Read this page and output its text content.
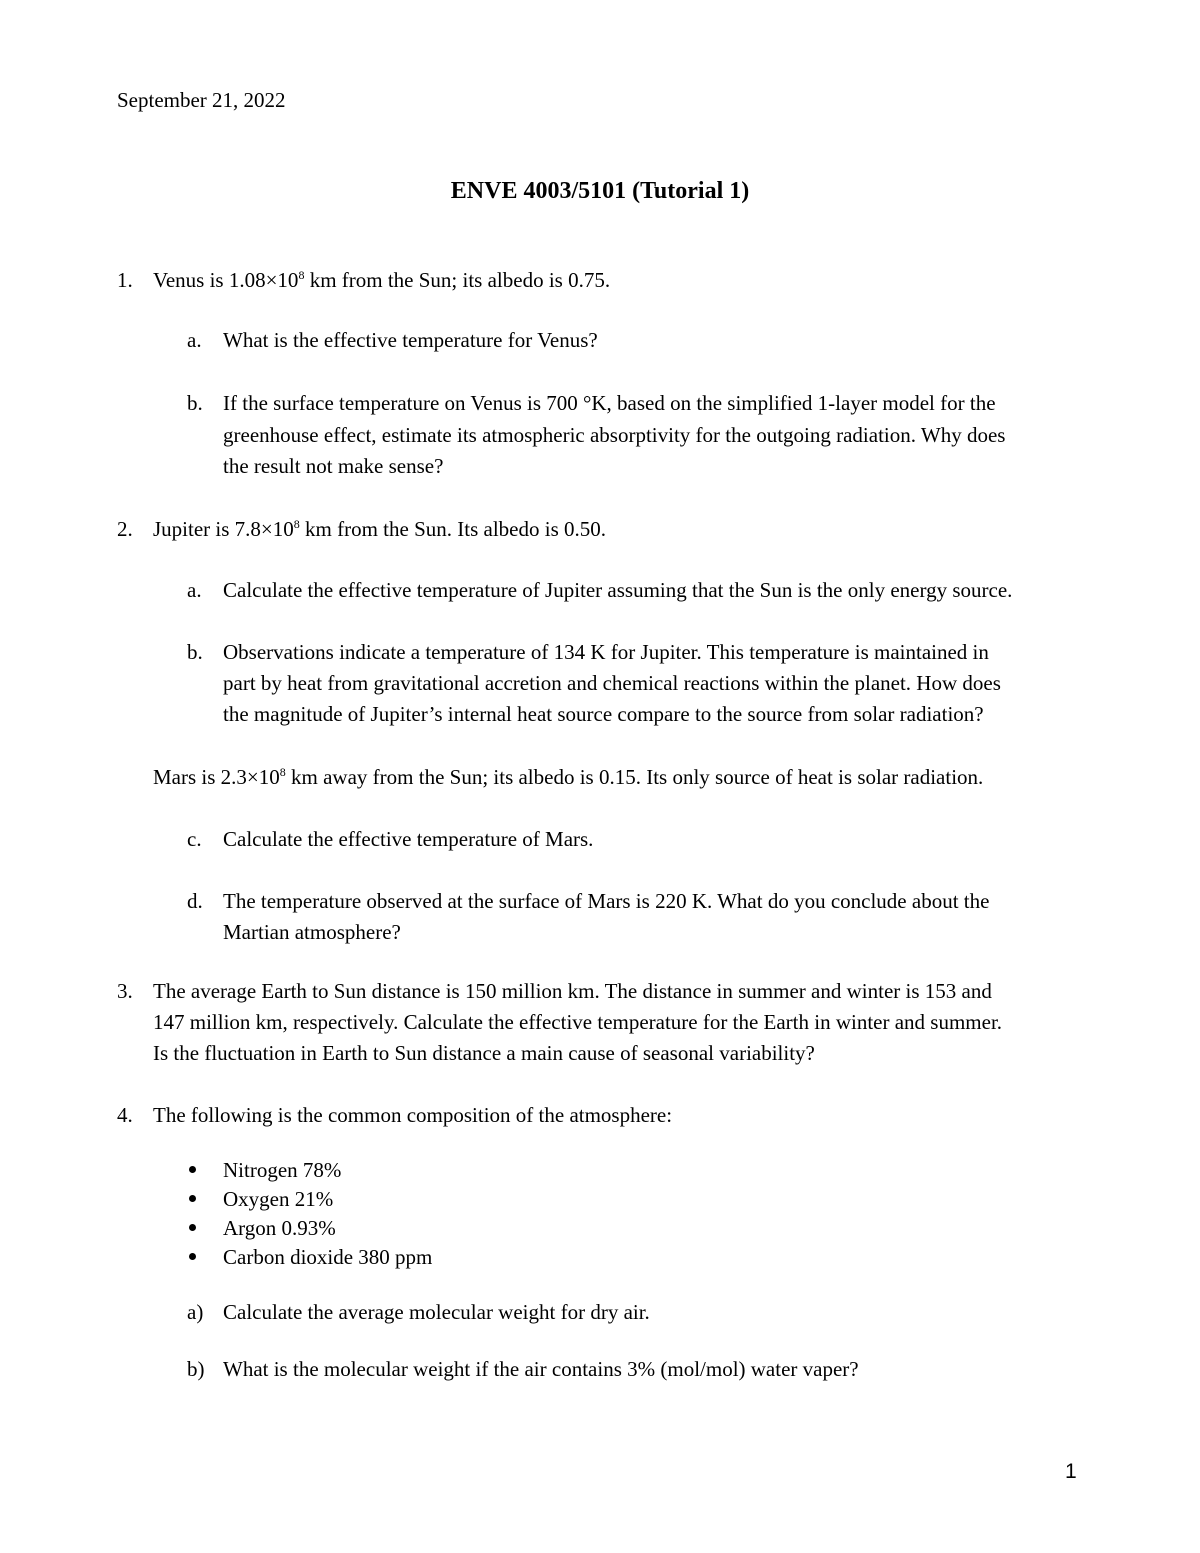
September 21, 2022
ENVE 4003/5101 (Tutorial 1)
1. Venus is $1.08\times 10^8$ km from the Sun; its albedo is 0.75.
a. What is the effective temperature for Venus?
b. If the surface temperature on Venus is 700 °K, based on the simplified 1-layer model for the
greenhouse effect, estimate its atmospheric absorptivity for the outgoing radiation. Why does
the result not make sense?
2. Jupiter is $7.8\times 10^8$ km from the Sun. Its albedo is 0.50.
a. Calculate the effective temperature of Jupiter assuming that the Sun is the only energy source.
b. Observations indicate a temperature of 134 K for Jupiter. This temperature is maintained in
part by heat from gravitational accretion and chemical reactions within the planet. How does
the magnitude of Jupiter’s internal heat source compare to the source from solar radiation?
Mars is $2.3\times 10^8$ km away from the Sun; its albedo is 0.15. Its only source of heat is solar radiation.
c. Calculate the effective temperature of Mars.
d. The temperature observed at the surface of Mars is 220 K. What do you conclude about the
Martian atmosphere?
3. The average Earth to Sun distance is 150 million km. The distance in summer and winter is 153 and
147 million km, respectively. Calculate the effective temperature for the Earth in winter and summer.
Is the fluctuation in Earth to Sun distance a main cause of seasonal variability?
4. The following is the common composition of the atmosphere:
Nitrogen 78%
Oxygen 21%
Argon 0.93%
Carbon dioxide 380 ppm
a) Calculate the average molecular weight for dry air.
b) What is the molecular weight if the air contains 3% (mol/mol) water vaper?
1
